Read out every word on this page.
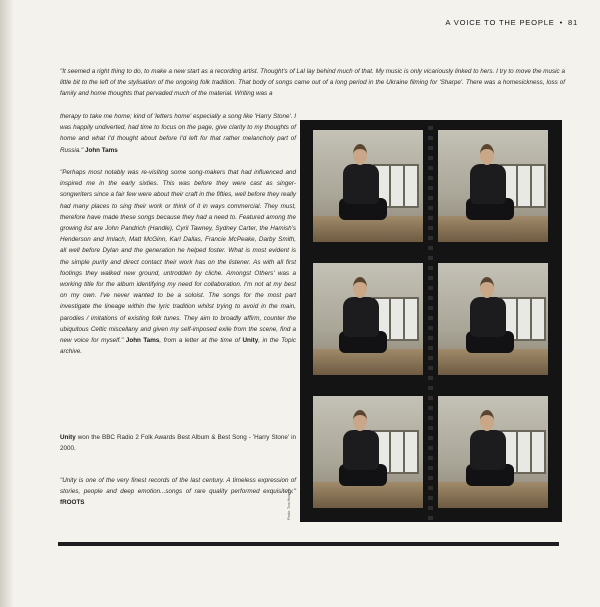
A VOICE TO THE PEOPLE • 81
"It seemed a right thing to do, to make a new start as a recording artist. Thought's of Lal lay behind much of that. My music is only vicariously linked to hers. I try to move the music a little bit to the left of the stylisation of the ongoing folk tradition. That body of songs came out of a long period in the Ukraine filming for 'Sharpe'. There was a homesickness, loss of family and home thoughts that pervaded much of the material. Writing was a
therapy to take me home; kind of 'letters home' especially a song like 'Harry Stone'. I was happily undiverted, had time to focus on the page, give clarity to my thoughts of home and what I'd thought about before I'd left for that rather melancholy part of Russia." John Tams
"Perhaps most notably was re-visiting some song-makers that had influenced and inspired me in the early sixties. This was before they were cast as singer-songwriters since a fair few were about their craft in the fifties, well before they really had many places to sing their work or think of it in ways commercial. They must, therefore have made these songs because they had a need to. Featured among the growing list are John Pandrich (Handle), Cyril Tawney, Sydney Carter, the Hamish's Henderson and Imlach, Matt McGinn, Karl Dallas, Francie McPeake, Darby Smith, all well before Dylan and the generation he helped foster. What is most evident is the simple purity and direct contact their work has on the listener. As with all first footings they walked new ground, untrodden by cliche. Amongst Others' was a working title for the album identifying my need for collaboration. I'm not at my best on my own. I've never wanted to be a soloist. The songs for the most part investigate the lineage within the lyric tradition whilst trying to avoid in the main, parodies / imitations of existing folk tunes. They aim to broadly affirm, counter the ubiquitous Celtic miscellany and given my self-imposed exile from the scene, find a new voice for myself." John Tams, from a letter at the time of Unity, in the Topic archive.
Unity won the BBC Radio 2 Folk Awards Best Album & Best Song - 'Harry Stone' in 2000.
"Unity is one of the very finest records of the last century. A timeless expression of stories, people and deep emotion...songs of rare quality performed exquisitely." fROOTS	Photo: Tom Howard
